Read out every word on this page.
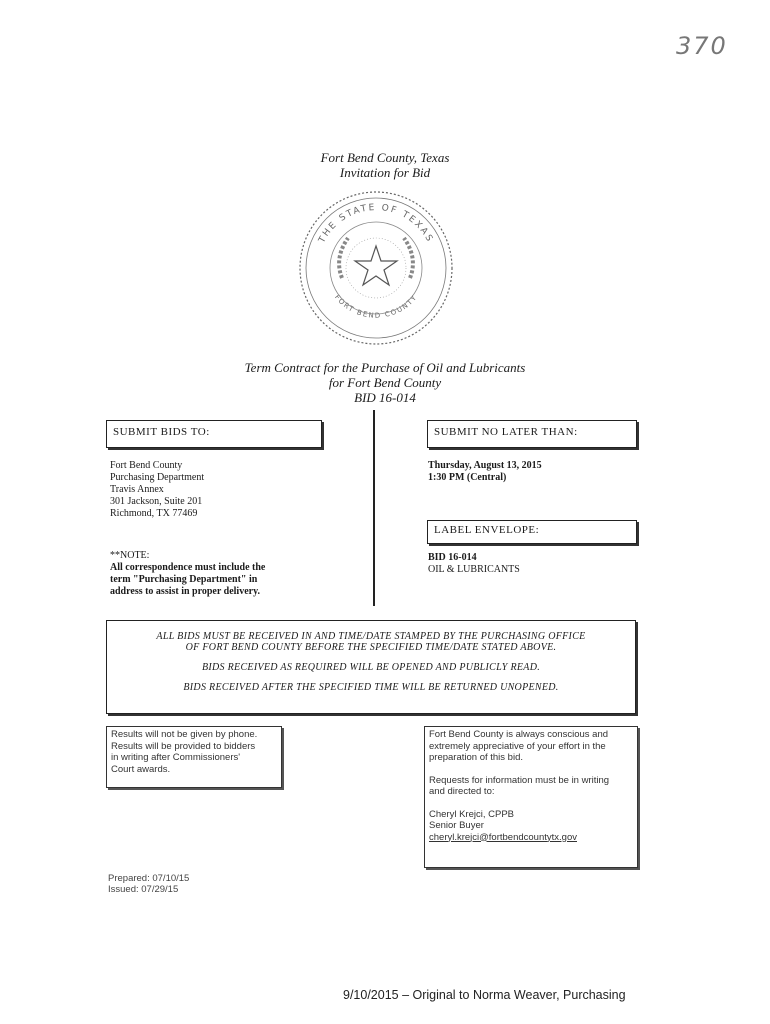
370
Fort Bend County, Texas
Invitation for Bid
THE STATE OF TEXAS
FORT BEND COUNTY
Term Contract for the Purchase of Oil and Lubricants
for Fort Bend County
BID 16-014
SUBMIT BIDS TO:
Fort Bend County
Purchasing Department
Travis Annex
301 Jackson, Suite 201
Richmond, TX 77469
**NOTE:
All correspondence must include the
term "Purchasing Department" in
address to assist in proper delivery.
SUBMIT NO LATER THAN:
Thursday, August 13, 2015
1:30 PM (Central)
LABEL ENVELOPE:
BID 16-014
OIL & LUBRICANTS
ALL BIDS MUST BE RECEIVED IN AND TIME/DATE STAMPED BY THE PURCHASING OFFICE
OF FORT BEND COUNTY BEFORE THE SPECIFIED TIME/DATE STATED ABOVE.
BIDS RECEIVED AS REQUIRED WILL BE OPENED AND PUBLICLY READ.
BIDS RECEIVED AFTER THE SPECIFIED TIME WILL BE RETURNED UNOPENED.
Results will not be given by phone.
Results will be provided to bidders
in writing after Commissioners'
Court awards.
Fort Bend County is always conscious and
extremely appreciative of your effort in the
preparation of this bid.
Requests for information must be in writing
and directed to:
Cheryl Krejci, CPPB
Senior Buyer
cheryl.krejci@fortbendcountytx.gov
Prepared: 07/10/15
Issued: 07/29/15
9/10/2015 – Original to Norma Weaver, Purchasing
